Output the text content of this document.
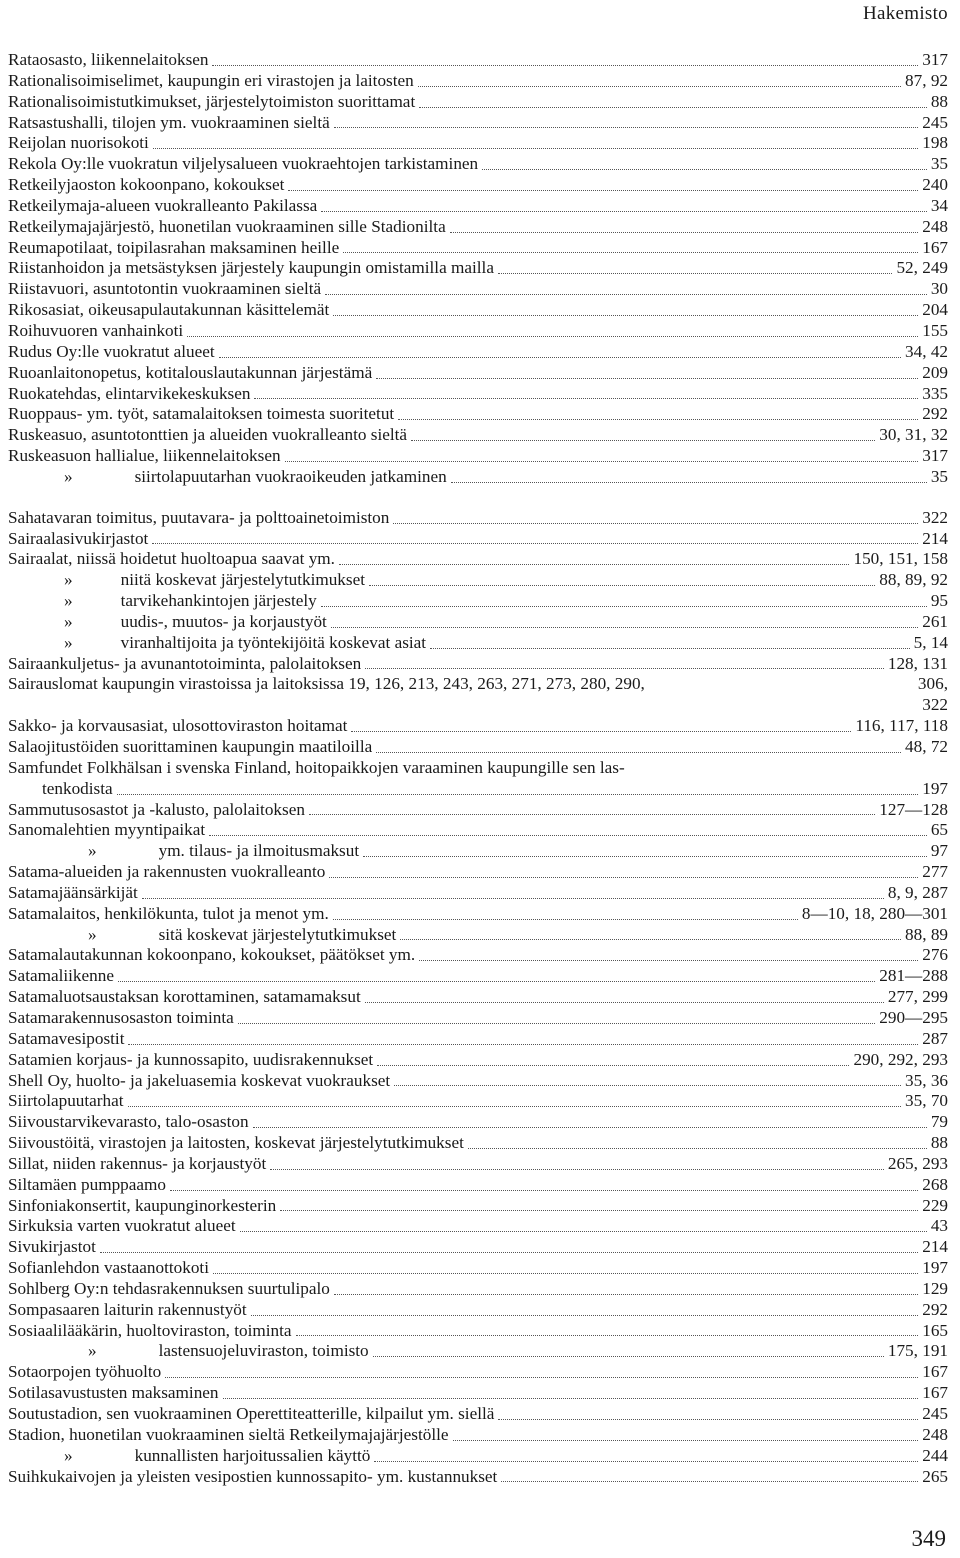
Hakemisto
Rataosasto, liikennelaitoksen	317
Rationalisoimiselimet, kaupungin eri virastojen ja laitosten	87, 92
Rationalisoimistutkimukset, järjestelytoimiston suorittamat	88
Ratsastushalli, tilojen ym. vuokraaminen sieltä	245
Reijolan nuorisokoti	198
Rekola Oy:lle vuokratun viljelysalueen vuokraehtojen tarkistaminen	35
Retkeilyjaoston kokoonpano, kokoukset	240
Retkeilymaja-alueen vuokralleanto Pakilassa	34
Retkeilymajajärjestö, huonetilan vuokraaminen sille Stadionilta	248
Reumapotilaat, toipilasrahan maksaminen heille	167
Riistanhoidon ja metsästyksen järjestely kaupungin omistamilla mailla	52, 249
Riistavuori, asuntotontin vuokraaminen sieltä	30
Rikosasiat, oikeusapulautakunnan käsittelemät	204
Roihuvuoren vanhainkoti	155
Rudus Oy:lle vuokratut alueet	34, 42
Ruoanlaitonopetus, kotitalouslautakunnan järjestämä	209
Ruokatehdas, elintarvikekeskuksen	335
Ruoppaus- ym. työt, satamalaitoksen toimesta suoritetut	292
Ruskeasuo, asuntotonttien ja alueiden vuokralleanto sieltä	30, 31, 32
Ruskeasuon hallialue, liikennelaitoksen	317
»	siirtolapuutarhan vuokraoikeuden jatkaminen	35
Sahatavaran toimitus, puutavara- ja polttoainetoimiston	322
Sairaalasivukirjastot	214
Sairaalat, niissä hoidetut huoltoapua saavat ym.	150, 151, 158
»	niitä koskevat järjestelytutkimukset	88, 89, 92
»	tarvikehankintojen järjestely	95
»	uudis-, muutos- ja korjaustyöt	261
»	viranhaltijoita ja työntekijöitä koskevat asiat	5, 14
Sairaankuljetus- ja avunantotoiminta, palolaitoksen	128, 131
Sairauslomat kaupungin virastoissa ja laitoksissa 19, 126, 213, 243, 263, 271, 273, 280, 290,	306,
322
Sakko- ja korvausasiat, ulosottoviraston hoitamat	116, 117, 118
Salaojitustöiden suorittaminen kaupungin maatiloilla	48, 72
Samfundet Folkhälsan i svenska Finland, hoitopaikkojen varaaminen kaupungille sen las-
tenkodista	197
Sammutusosastot ja -kalusto, palolaitoksen	127—128
Sanomalehtien myyntipaikat	65
»	ym. tilaus- ja ilmoitusmaksut	97
Satama-alueiden ja rakennusten vuokralleanto	277
Satamajäänsärkijät	8, 9, 287
Satamalaitos, henkilökunta, tulot ja menot ym.	8—10, 18, 280—301
»	sitä koskevat järjestelytutkimukset	88, 89
Satamalautakunnan kokoonpano, kokoukset, päätökset ym.	276
Satamaliikenne	281—288
Satamaluotsaustaksan korottaminen, satamamaksut	277, 299
Satamarakennusosaston toiminta	290—295
Satamavesipostit	287
Satamien korjaus- ja kunnossapito, uudisrakennukset	290, 292, 293
Shell Oy, huolto- ja jakeluasemia koskevat vuokraukset	35, 36
Siirtolapuutarhat	35, 70
Siivoustarvikevarasto, talo-osaston	79
Siivoustöitä, virastojen ja laitosten, koskevat järjestelytutkimukset	88
Sillat, niiden rakennus- ja korjaustyöt	265, 293
Siltamäen pumppaamo	268
Sinfoniakonsertit, kaupunginorkesterin	229
Sirkuksia varten vuokratut alueet	43
Sivukirjastot	214
Sofianlehdon vastaanottokoti	197
Sohlberg Oy:n tehdasrakennuksen suurtulipalo	129
Sompasaaren laiturin rakennustyöt	292
Sosiaalilääkärin, huoltoviraston, toiminta	165
»	lastensuojeluviraston, toimisto	175, 191
Sotaorpojen työhuolto	167
Sotilasavustusten maksaminen	167
Soutustadion, sen vuokraaminen Operettiteatterille, kilpailut ym. siellä	245
Stadion, huonetilan vuokraaminen sieltä Retkeilymajajärjestölle	248
»	kunnallisten harjoitussalien käyttö	244
Suihkukaivojen ja yleisten vesipostien kunnossapito- ym. kustannukset	265
349
